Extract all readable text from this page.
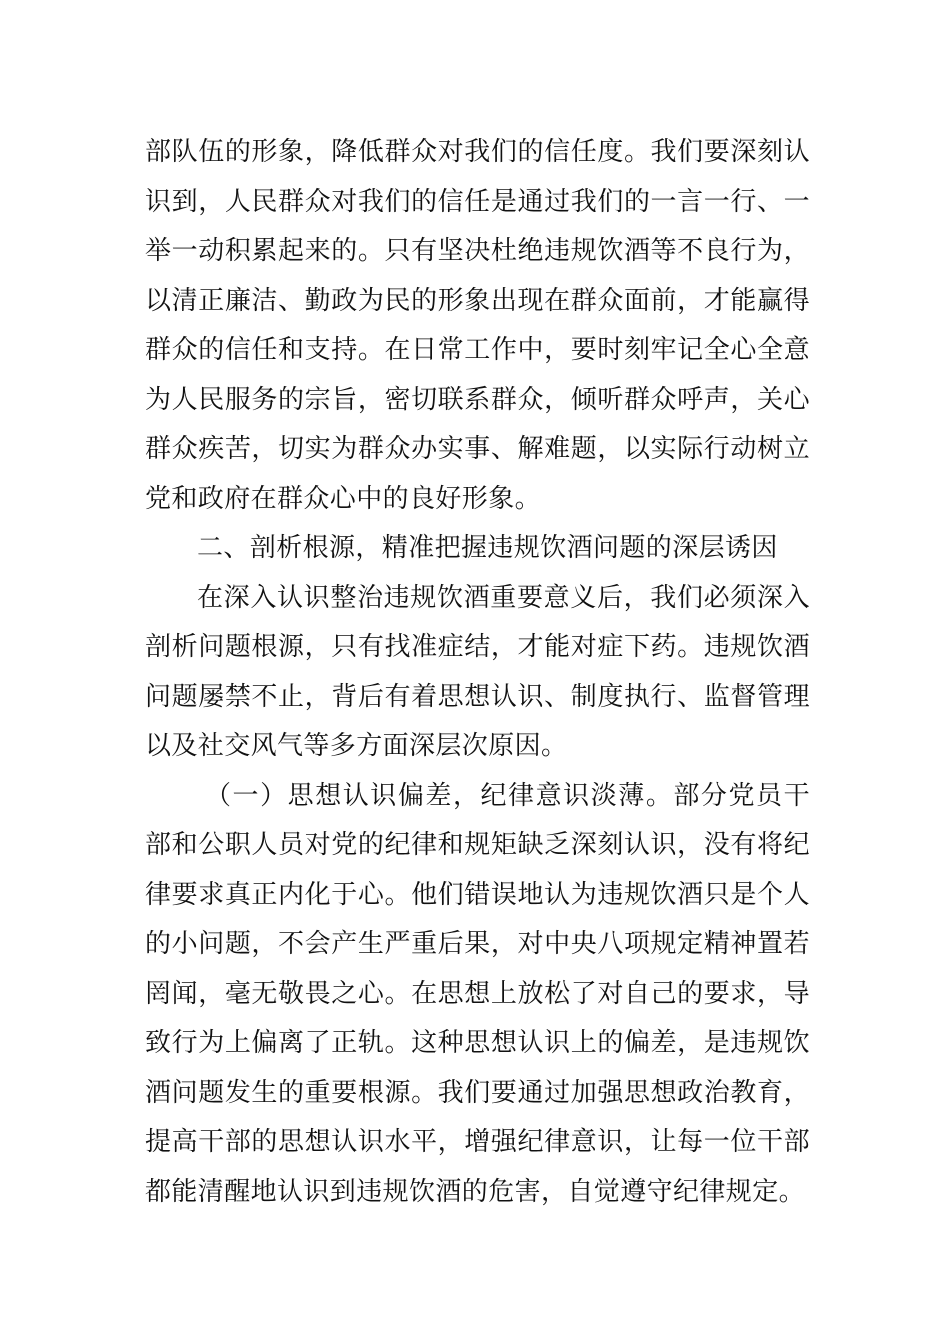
部队伍的形象，降低群众对我们的信任度。我们要深刻认识到，人民群众对我们的信任是通过我们的一言一行、一举一动积累起来的。只有坚决杜绝违规饮酒等不良行为，以清正廉洁、勤政为民的形象出现在群众面前，才能赢得群众的信任和支持。在日常工作中，要时刻牢记全心全意为人民服务的宗旨，密切联系群众，倾听群众呼声，关心群众疾苦，切实为群众办实事、解难题，以实际行动树立党和政府在群众心中的良好形象。

二、剖析根源，精准把握违规饮酒问题的深层诱因

在深入认识整治违规饮酒重要意义后，我们必须深入剖析问题根源，只有找准症结，才能对症下药。违规饮酒问题屡禁不止，背后有着思想认识、制度执行、监督管理以及社交风气等多方面深层次原因。

（一）思想认识偏差，纪律意识淡薄。部分党员干部和公职人员对党的纪律和规矩缺乏深刻认识，没有将纪律要求真正内化于心。他们错误地认为违规饮酒只是个人的小问题，不会产生严重后果，对中央八项规定精神置若罔闻，毫无敬畏之心。在思想上放松了对自己的要求，导致行为上偏离了正轨。这种思想认识上的偏差，是违规饮酒问题发生的重要根源。我们要通过加强思想政治教育，提高干部的思想认识水平，增强纪律意识，让每一位干部都能清醒地认识到违规饮酒的危害，自觉遵守纪律规定。
